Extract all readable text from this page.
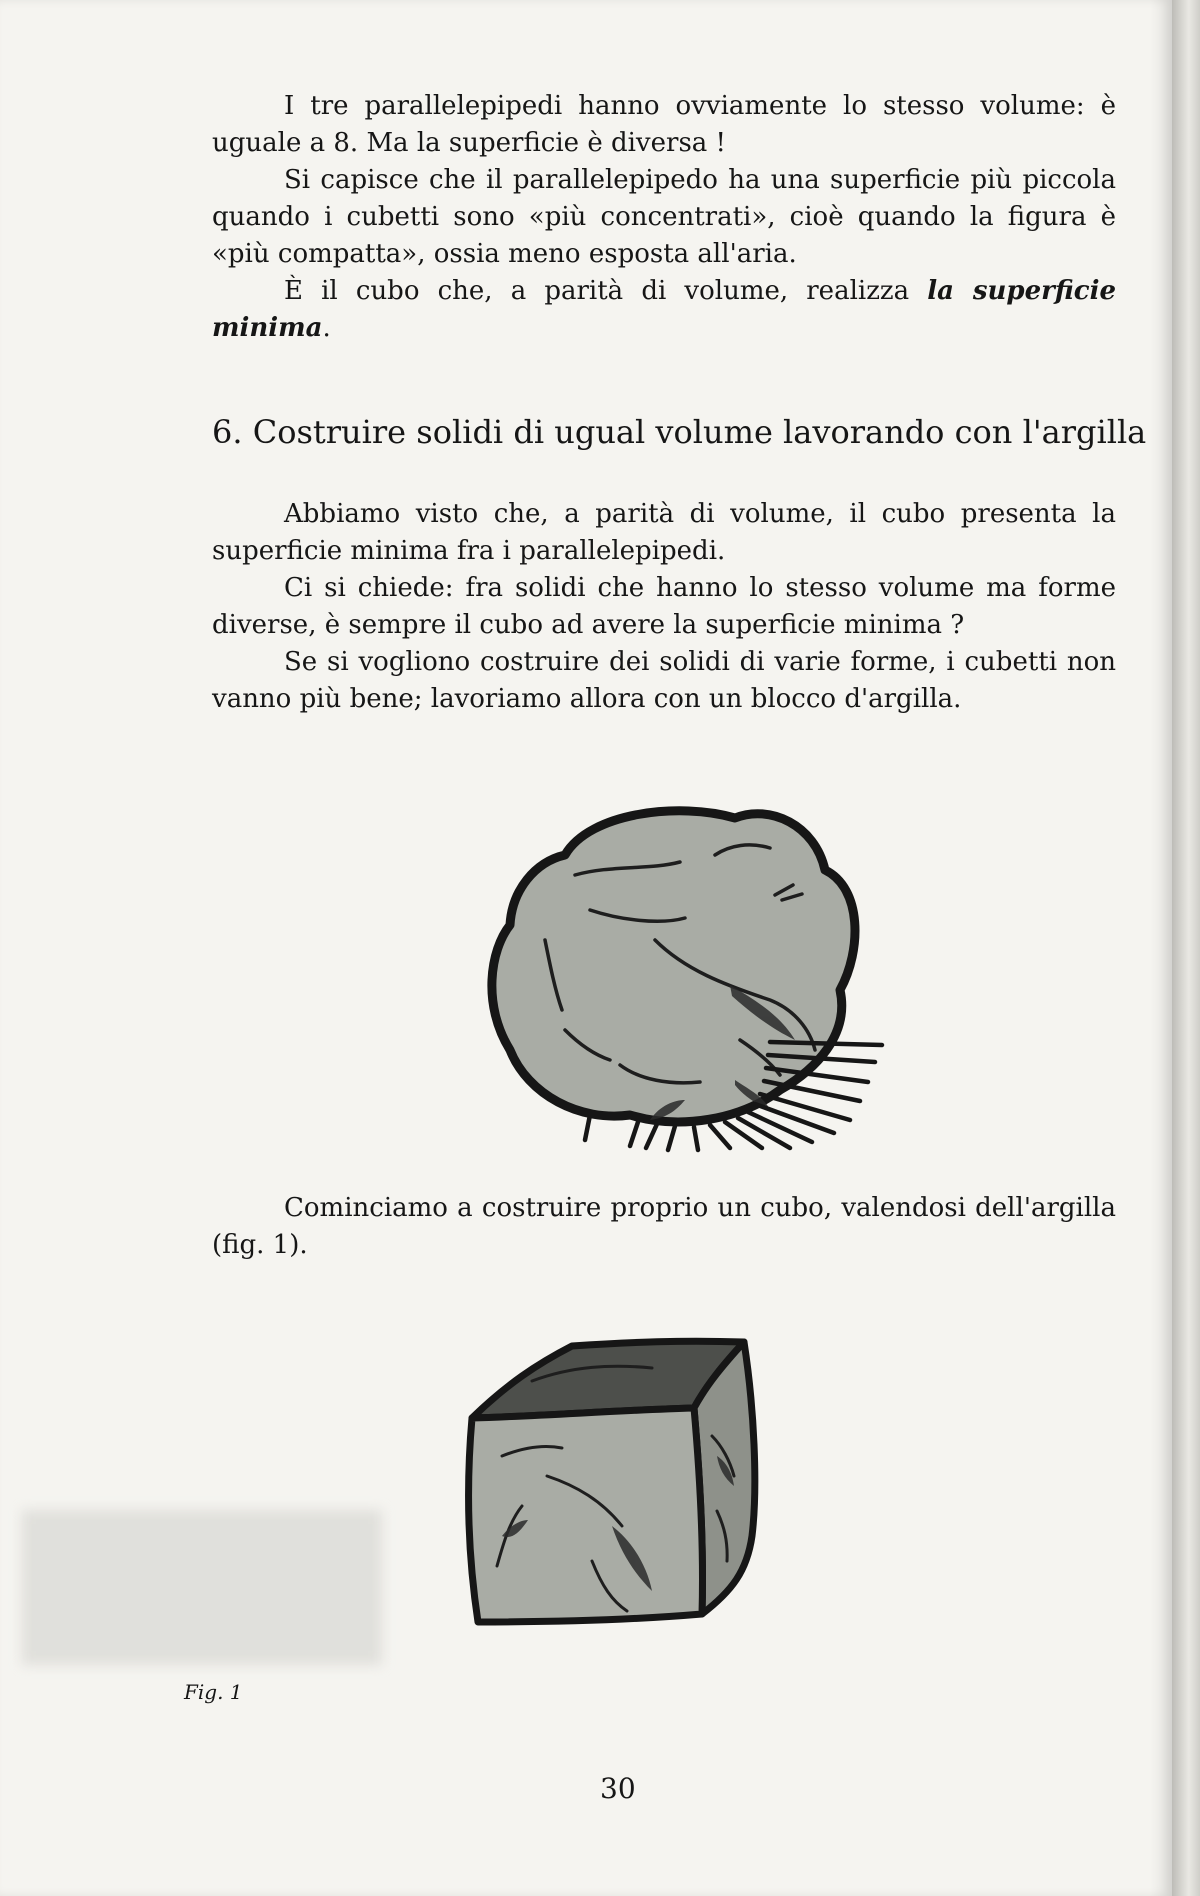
I tre parallelepipedi hanno ovviamente lo stesso volume: è uguale a 8. Ma la superficie è diversa !

Si capisce che il parallelepipedo ha una superficie più piccola quando i cubetti sono «più concentrati», cioè quando la figura è «più compatta», ossia meno esposta all'aria.

È il cubo che, a parità di volume, realizza la superficie minima.

6. Costruire solidi di ugual volume lavorando con l'argilla

Abbiamo visto che, a parità di volume, il cubo presenta la superficie minima fra i parallelepipedi.

Ci si chiede: fra solidi che hanno lo stesso volume ma forme diverse, è sempre il cubo ad avere la superficie minima ?

Se si vogliono costruire dei solidi di varie forme, i cubetti non vanno più bene; lavoriamo allora con un blocco d'argilla.

Cominciamo a costruire proprio un cubo, valendosi dell'argilla (fig. 1).

Fig. 1
30
